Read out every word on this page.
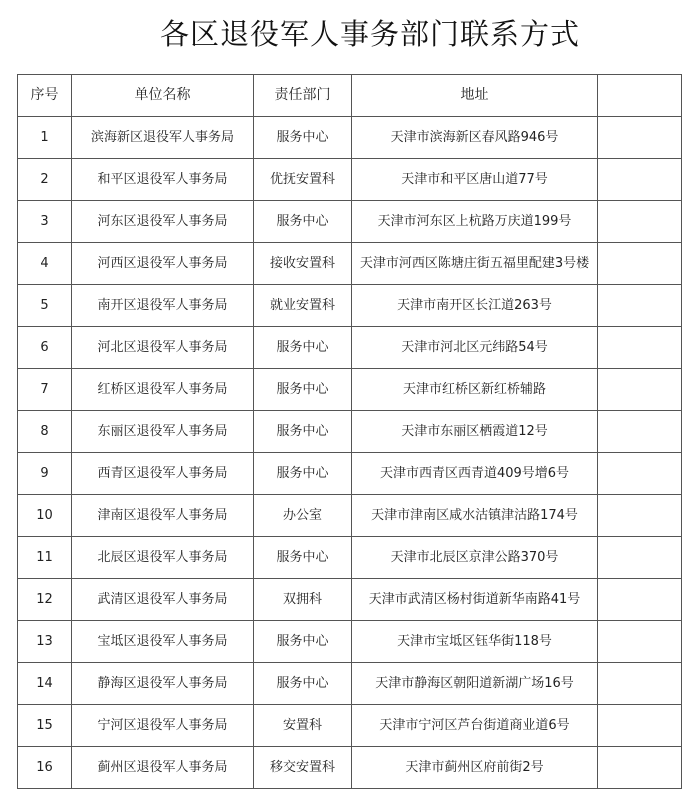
各区退役军人事务部门联系方式
序号	单位名称	责任部门	地址	
1	滨海新区退役军人事务局	服务中心	天津市滨海新区春风路946号	
2	和平区退役军人事务局	优抚安置科	天津市和平区唐山道77号	
3	河东区退役军人事务局	服务中心	天津市河东区上杭路万庆道199号	
4	河西区退役军人事务局	接收安置科	天津市河西区陈塘庄街五福里配建3号楼	
5	南开区退役军人事务局	就业安置科	天津市南开区长江道263号	
6	河北区退役军人事务局	服务中心	天津市河北区元纬路54号	
7	红桥区退役军人事务局	服务中心	天津市红桥区新红桥辅路	
8	东丽区退役军人事务局	服务中心	天津市东丽区栖霞道12号	
9	西青区退役军人事务局	服务中心	天津市西青区西青道409号增6号	
10	津南区退役军人事务局	办公室	天津市津南区咸水沽镇津沽路174号	
11	北辰区退役军人事务局	服务中心	天津市北辰区京津公路370号	
12	武清区退役军人事务局	双拥科	天津市武清区杨村街道新华南路41号	
13	宝坻区退役军人事务局	服务中心	天津市宝坻区钰华街118号	
14	静海区退役军人事务局	服务中心	天津市静海区朝阳道新湖广场16号	
15	宁河区退役军人事务局	安置科	天津市宁河区芦台街道商业道6号	
16	蓟州区退役军人事务局	移交安置科	天津市蓟州区府前街2号	
